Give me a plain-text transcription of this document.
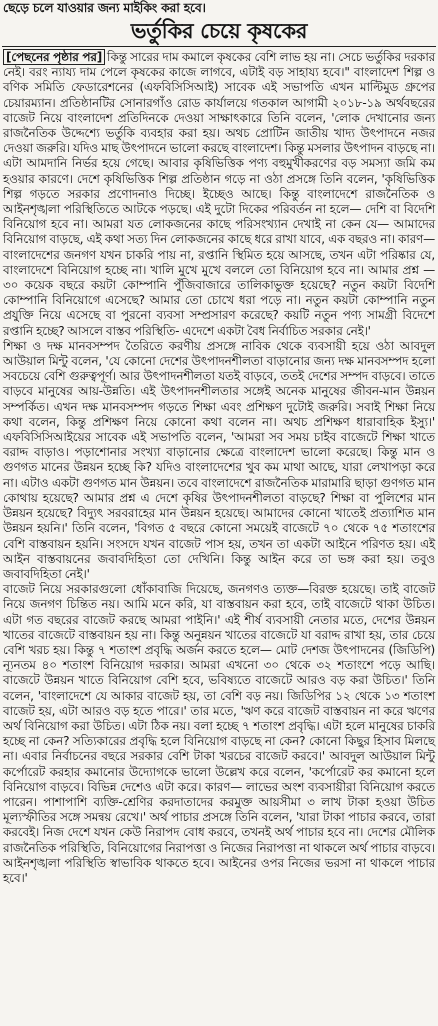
ছেড়ে চলে যাওয়ার জন্য মাইকিং করা হবে।
ভর্তুকির চেয়ে কৃষকের

[পেছনের পৃষ্ঠার পর] কিন্তু সারের দাম কমালে কৃষকের বেশি লাভ হয় না। সেচে ভর্তুকির দরকার নেই। বরং ন্যায্য দাম পেলে কৃষকের কাজে লাগবে, এটাই বড় সাহায্য হবে।" বাংলাদেশ শিল্প ও বণিক সমিতি ফেডারেশনের (এফবিসিসিআই) সাবেক এই সভাপতি এখন মাল্টিমুড গ্রুপের চেয়ারম্যান। প্রতিষ্ঠানটির সোনারগাঁও রোড কার্যালয়ে গতকাল আগামী ২০১৮-১৯ অর্থবছরের বাজেট নিয়ে বাংলাদেশ প্রতিদিনকে দেওয়া সাক্ষাৎকারে তিনি বলেন, 'লোক দেখানোর জন্য রাজনৈতিক উদ্দেশ্যে ভর্তুকি ব্যবহার করা হয়। অথচ প্রোটিন জাতীয় খাদ্য উৎপাদনে নজর দেওয়া জরুরি। যদিও মাছ উৎপাদনে ভালো করছে বাংলাদেশ। কিন্তু মসলার উৎপাদন বাড়ছে না। এটা আমদানি নির্ভর হয়ে গেছে। আবার কৃষিভিত্তিক পণ্য বহুমুখীকরণের বড় সমস্যা জমি কম হওয়ার কারণে। দেশে কৃষিভিত্তিক শিল্প প্রতিষ্ঠান গড়ে না ওঠা প্রসঙ্গে তিনি বলেন, 'কৃষিভিত্তিক শিল্প গড়তে সরকার প্রণোদনাও দিচ্ছে। ইচ্ছেও আছে। কিন্তু বাংলাদেশে রাজনৈতিক ও আইনশৃঙ্খলা পরিস্থিতিতে আটকে পড়ছে। এই দুটো দিকের পরিবর্তন না হলে— দেশি বা বিদেশি বিনিয়োগ হবে না। আমরা যত লোকজনের কাছে পরিসংখ্যান দেখাই না কেন যে— আমাদের বিনিয়োগ বাড়ছে, এই কথা সত্য দিন লোকজনের কাছে ধরে রাখা যাবে, এক বছরও না। কারণ— বাংলাদেশের জনগণ যখন চাকরি পায় না, রপ্তানি স্থিমিত হয়ে আসছে, তখন এটা পরিষ্কার যে, বাংলাদেশে বিনিয়োগ হচ্ছে না। খালি মুখে মুখে বললে তো বিনিয়োগ হবে না। আমার প্রশ্ন — ৩০ কয়েক বছরে কয়টা কোম্পানি পুঁজিবাজারে তালিকাভুক্ত হয়েছে? নতুন কয়টা বিদেশি কোম্পানি বিনিয়োগে এসেছে? আমার তো চোখে ধরা পড়ে না। নতুন কয়টা কোম্পানি নতুন প্রযুক্তি নিয়ে এসেছে বা পুরনো ব্যবসা সম্প্রসারণ করেছে? কয়টি নতুন পণ্য সামগ্রী বিদেশে রপ্তানি হচ্ছে? আসলে বাস্তব পরিস্থিতি- এদেশে একটা বৈধ নির্বাচিত সরকার নেই।'

শিক্ষা ও দক্ষ মানবসম্পদ তৈরিতে করণীয় প্রসঙ্গে নাবিক থেকে ব্যবসায়ী হয়ে ওঠা আবদুল আউয়াল মিন্টু বলেন, 'যে কোনো দেশের উৎপাদনশীলতা বাড়ানোর জন্য দক্ষ মানবসম্পদ হলো সবচেয়ে বেশি গুরুত্বপূর্ণ। আর উৎপাদনশীলতা যতই বাড়বে, ততই দেশের সম্পদ বাড়বে। তাতে বাড়বে মানুষের আয়-উন্নতি। এই উৎপাদনশীলতার সঙ্গেই অনেক মানুষের জীবন-মান উন্নয়ন সম্পর্কিত। এখন দক্ষ মানবসম্পদ গড়তে শিক্ষা এবং প্রশিক্ষণ দুটোই জরুরি। সবাই শিক্ষা নিয়ে কথা বলেন, কিন্তু প্রশিক্ষণ নিয়ে কোনো কথা বলেন না। অথচ প্রশিক্ষণ ধারাবাহিক ইস্যু।' এফবিসিসিআইয়ের সাবেক এই সভাপতি বলেন, 'আমরা সব সময় চাইব বাজেটে শিক্ষা খাতে বরাদ্দ বাড়াও। পড়াশোনার সংখ্যা বাড়ানোর ক্ষেত্রে বাংলাদেশ ভালো করেছে। কিন্তু মান ও গুণগত মানের উন্নয়ন হচ্ছে কি? যদিও বাংলাদেশের খুব কম মাথা আছে, যারা লেখাপড়া করে না। এটাও একটা গুণগত মান উন্নয়ন। তবে বাংলাদেশে রাজনৈতিক মারামারি ছাড়া গুণগত মান কোথায় হয়েছে? আমার প্রশ্ন এ দেশে কৃষির উৎপাদনশীলতা বাড়ছে? শিক্ষা বা পুলিশের মান উন্নয়ন হয়েছে? বিদ্যুৎ সরবরাহের মান উন্নয়ন হয়েছে। আমাদের কোনো খাতেই প্রত্যাশিত মান উন্নয়ন হয়নি।' তিনি বলেন, 'বিগত ৫ বছরে কোনো সময়েই বাজেটে ৭০ থেকে ৭৫ শতাংশের বেশি বাস্তবায়ন হয়নি। সংসদে যখন বাজেট পাস হয়, তখন তা একটা আইনে পরিণত হয়। এই আইন বাস্তবায়নের জবাবদিহিতা তো দেখিনি। কিন্তু আইন করে তা ভঙ্গ করা হয়। তবুও জবাবদিহিতা নেই।'

বাজেট নিয়ে সরকারগুলো ধোঁকাবাজি দিয়েছে, জনগণও ত্যক্ত—বিরক্ত হয়েছে। তাই বাজেট নিয়ে জনগণ চিন্তিত নয়। আমি মনে করি, যা বাস্তবায়ন করা হবে, তাই বাজেটে থাকা উচিত। এটা গত বছরের বাজেট করছে আমরা পাইনি।' এই শীর্ষ ব্যবসায়ী নেতার মতে, দেশের উন্নয়ন খাতের বাজেটে বাস্তবায়ন হয় না। কিন্তু অনুন্নয়ন খাতের বাজেটে যা বরাদ্দ রাখা হয়, তার চেয়ে বেশি খরচ হয়। কিন্তু ৭ শতাংশ প্রবৃদ্ধি অর্জন করতে হলে— মোট দেশজ উৎপাদনের (জিডিপি) ন্যূনতম ৪০ শতাংশ বিনিয়োগ দরকার। আমরা এখনো ৩০ থেকে ৩২ শতাংশে পড়ে আছি। বাজেটে উন্নয়ন খাতে বিনিয়োগ বেশি হবে, ভবিষ্যতে বাজেটে আরও বড় করা উচিত।' তিনি বলেন, 'বাংলাদেশে যে আকার বাজেট হয়, তা বেশি বড় নয়। জিডিপির ১২ থেকে ১৩ শতাংশ বাজেট হয়, এটা আরও বড় হতে পারে।' তার মতে, 'ঋণ করে বাজেট বাস্তবায়ন না করে ঋণের অর্থ বিনিয়োগ করা উচিত। এটা ঠিক নয়। বলা হচ্ছে ৭ শতাংশ প্রবৃদ্ধি। এটা হলে মানুষের চাকরি হচ্ছে না কেন? সত্যিকারের প্রবৃদ্ধি হলে বিনিয়োগ বাড়ছে না কেন? কোনো কিছুর হিসাব মিলছে না। এবার নির্বাচনের বছরে সরকার বেশি টাকা খরচের বাজেট করবে।' আবদুল আউয়াল মিন্টু কর্পোরেট করহার কমানোর উদ্যোগকে ভালো উল্লেখ করে বলেন, 'কর্পোরেট কর কমানো হলে বিনিয়োগ বাড়বে। বিভিন্ন দেশেও এটা করে। কারণ— লাভের অংশ ব্যবসায়ীরা বিনিয়োগ করতে পারেন। পাশাপাশি ব্যক্তি-শ্রেণির করদাতাদের করমুক্ত আয়সীমা ৩ লাখ টাকা হওয়া উচিত মূল্যস্ফীতির সঙ্গে সমন্বয় রেখে।' অর্থ পাচার প্রসঙ্গে তিনি বলেন, 'যারা টাকা পাচার করবে, তারা করবেই। নিজ দেশে যখন কেউ নিরাপদ বোধ করবে, তখনই অর্থ পাচার হবে না। দেশের মৌলিক রাজনৈতিক পরিস্থিতি, বিনিয়োগের নিরাপত্তা ও নিজের নিরাপত্তা না থাকলে অর্থ পাচার বাড়বে। আইনশৃঙ্খলা পরিস্থিতি স্বাভাবিক থাকতে হবে। আইনের ওপর নিজের ভরসা না থাকলে পাচার হবে।'
